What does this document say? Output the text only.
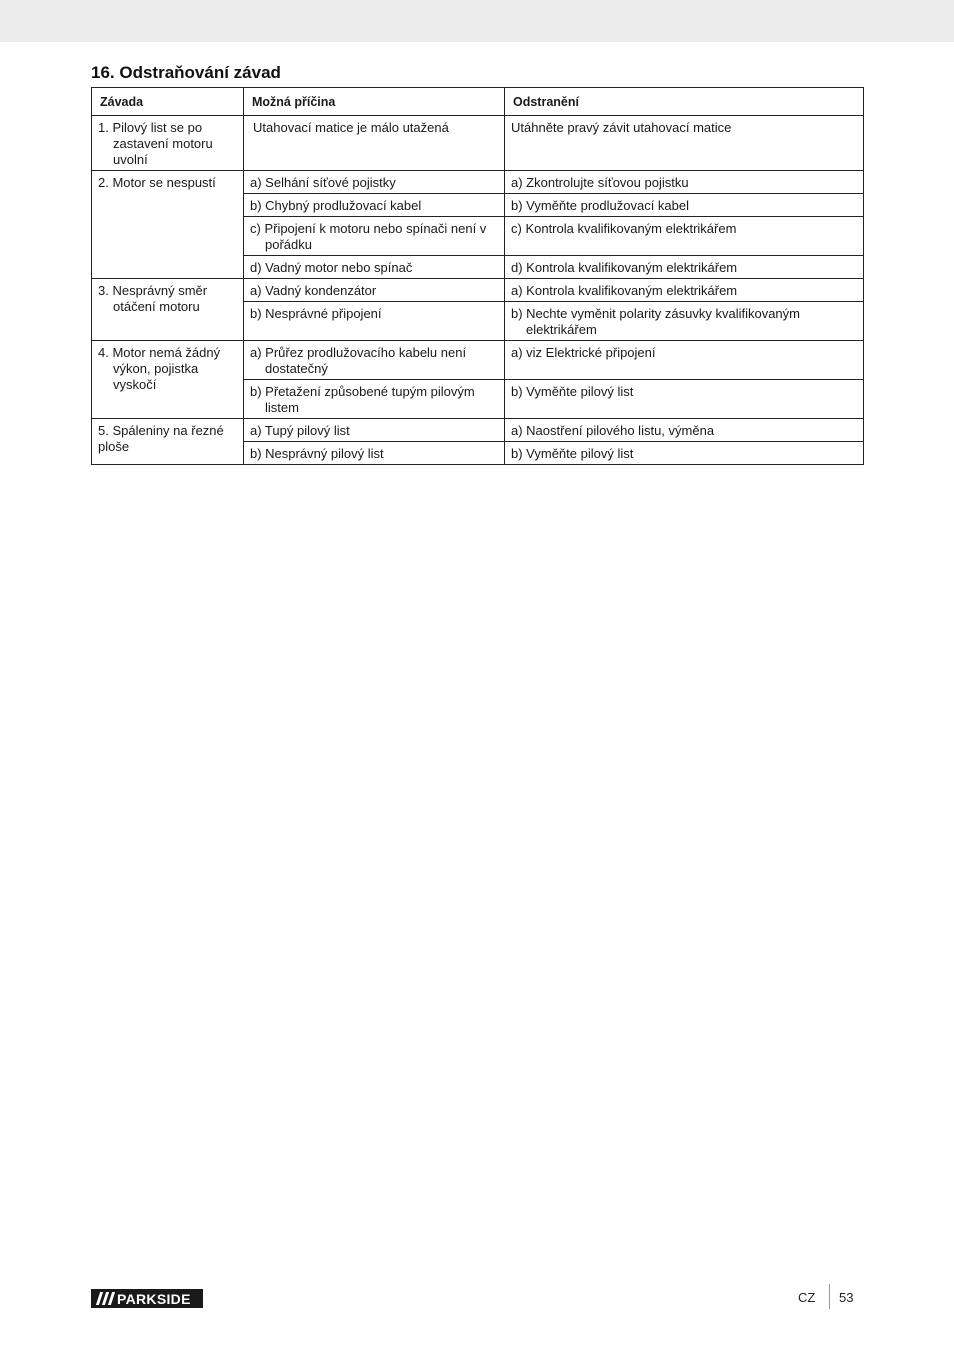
16. Odstraňování závad
Závada	Možná příčina	Odstranění

1. Pilový list se po zastavení motoru uvolní	Utahovací matice je málo utažená	Utáhněte pravý závit utahovací matice

2. Motor se nespustí	a) Selhání síťové pojistky	a) Zkontrolujte síťovou pojistku

	b) Chybný prodlužovací kabel	b) Vyměňte prodlužovací kabel

	c) Připojení k motoru nebo spínači není v pořádku	c) Kontrola kvalifikovaným elektrikářem

	d) Vadný motor nebo spínač	d) Kontrola kvalifikovaným elektrikářem

3. Nesprávný směr otáčení motoru	a) Vadný kondenzátor	a) Kontrola kvalifikovaným elektrikářem

	b) Nesprávné připojení	b) Nechte vyměnit polarity zásuvky kvalifikovaným elektrikářem

4. Motor nemá žádný výkon, pojistka vyskočí	a) Průřez prodlužovacího kabelu není dostatečný	a) viz Elektrické připojení

	b) Přetažení způsobené tupým pilovým listem	b) Vyměňte pilový list

5. Spáleniny na řezné ploše	a) Tupý pilový list	a) Naostření pilového listu, výměna

	b) Nesprávný pilový list	b) Vyměňte pilový list
PARKSIDE	CZ 53
